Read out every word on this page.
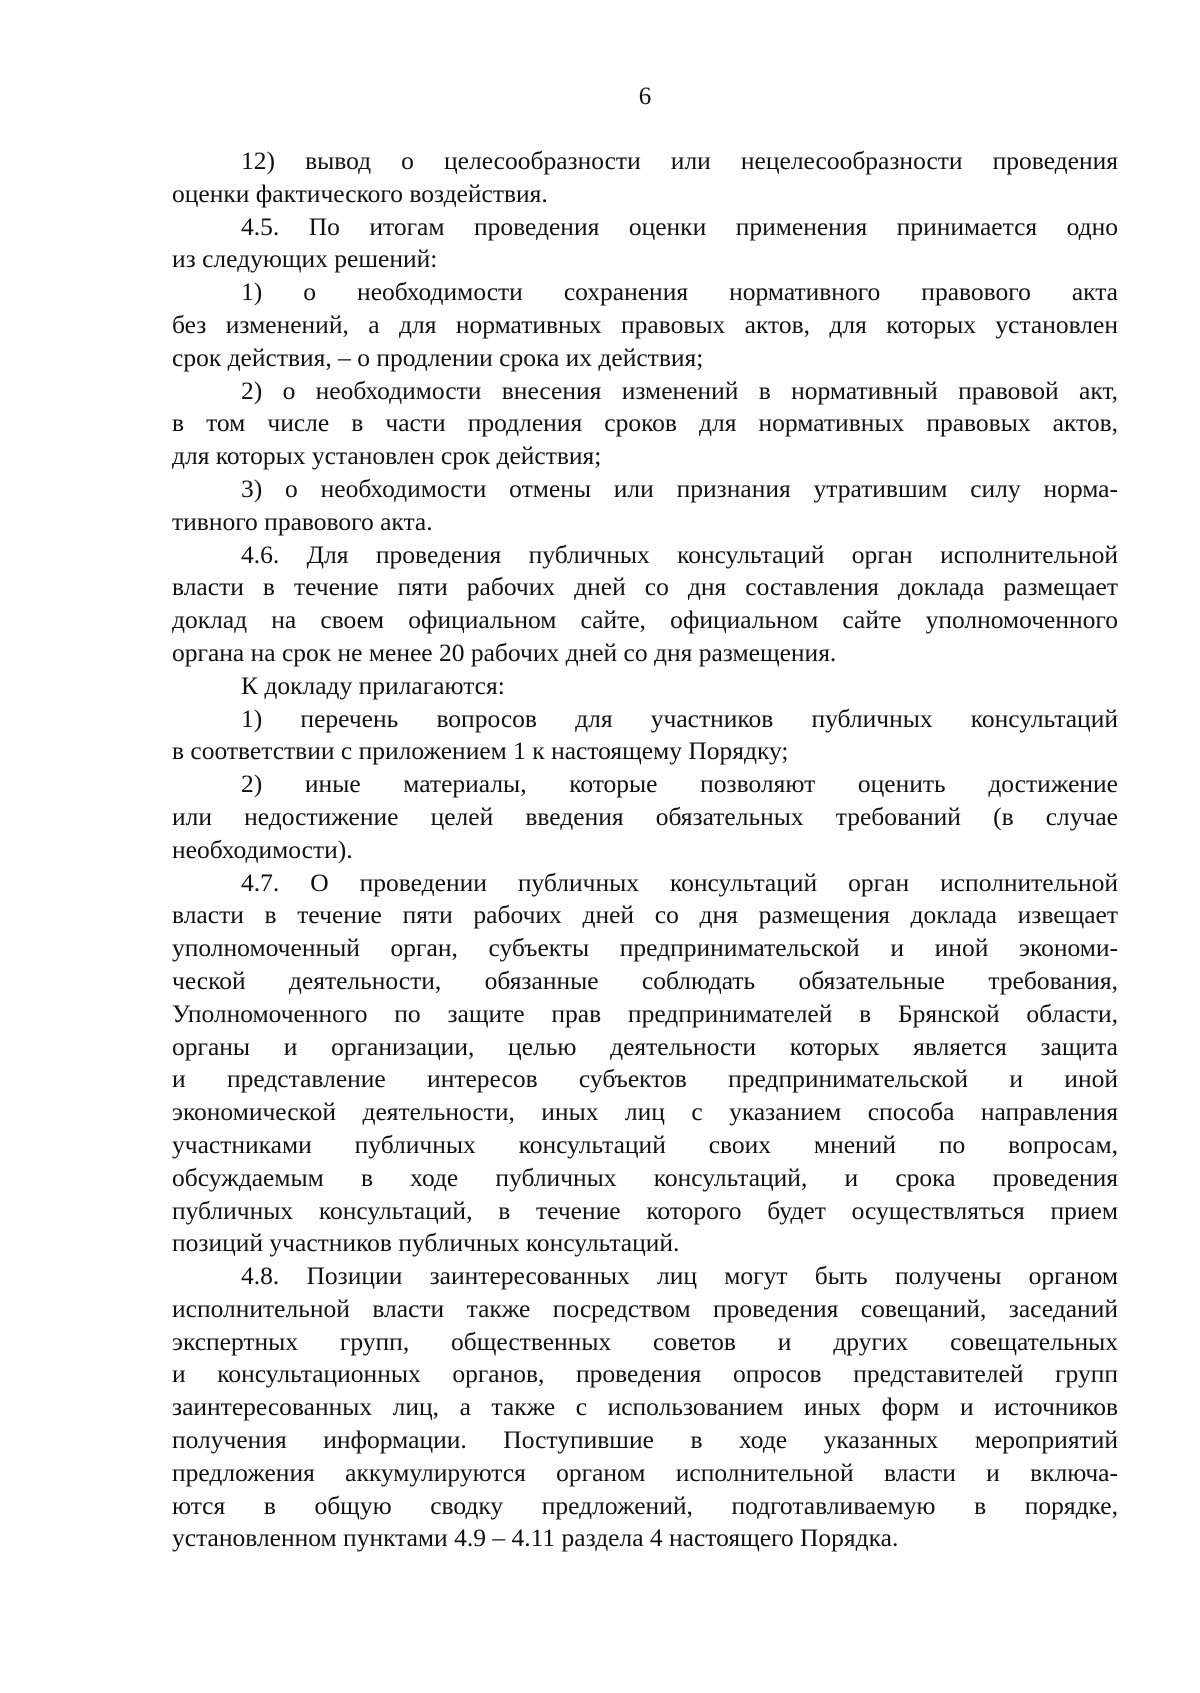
6
12) вывод о целесообразности или нецелесообразности проведения
оценки фактического воздействия.
4.5. По итогам проведения оценки применения принимается одно
из следующих решений:
1) о необходимости сохранения нормативного правового акта
без изменений, а для нормативных правовых актов, для которых установлен
срок действия, – о продлении срока их действия;
2) о необходимости внесения изменений в нормативный правовой акт,
в том числе в части продления сроков для нормативных правовых актов,
для которых установлен срок действия;
3) о необходимости отмены или признания утратившим силу норма-
тивного правового акта.
4.6. Для проведения публичных консультаций орган исполнительной
власти в течение пяти рабочих дней со дня составления доклада размещает
доклад на своем официальном сайте, официальном сайте уполномоченного
органа на срок не менее 20 рабочих дней со дня размещения.
К докладу прилагаются:
1) перечень вопросов для участников публичных консультаций
в соответствии с приложением 1 к настоящему Порядку;
2) иные материалы, которые позволяют оценить достижение
или недостижение целей введения обязательных требований (в случае
необходимости).
4.7. О проведении публичных консультаций орган исполнительной
власти в течение пяти рабочих дней со дня размещения доклада извещает
уполномоченный орган, субъекты предпринимательской и иной экономи-
ческой деятельности, обязанные соблюдать обязательные требования,
Уполномоченного по защите прав предпринимателей в Брянской области,
органы и организации, целью деятельности которых является защита
и представление интересов субъектов предпринимательской и иной
экономической деятельности, иных лиц с указанием способа направления
участниками публичных консультаций своих мнений по вопросам,
обсуждаемым в ходе публичных консультаций, и срока проведения
публичных консультаций, в течение которого будет осуществляться прием
позиций участников публичных консультаций.
4.8. Позиции заинтересованных лиц могут быть получены органом
исполнительной власти также посредством проведения совещаний, заседаний
экспертных групп, общественных советов и других совещательных
и консультационных органов, проведения опросов представителей групп
заинтересованных лиц, а также с использованием иных форм и источников
получения информации. Поступившие в ходе указанных мероприятий
предложения аккумулируются органом исполнительной власти и включа-
ются в общую сводку предложений, подготавливаемую в порядке,
установленном пунктами 4.9 – 4.11 раздела 4 настоящего Порядка.
